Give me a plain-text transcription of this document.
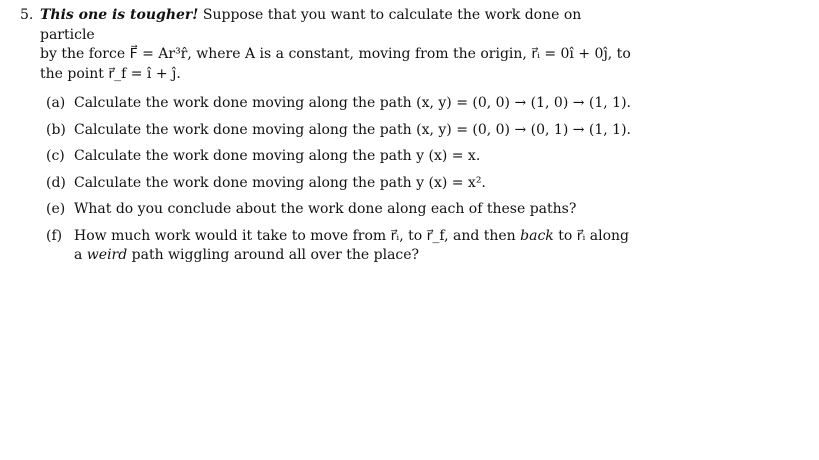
5. This one is tougher! Suppose that you want to calculate the work done on particle
by the force F⃗ = Ar³r̂, where A is a constant, moving from the origin, r⃗ᵢ = 0î + 0ĵ, to
the point r⃗_f = î + ĵ.
(a) Calculate the work done moving along the path (x, y) = (0, 0) → (1, 0) → (1, 1).
(b) Calculate the work done moving along the path (x, y) = (0, 0) → (0, 1) → (1, 1).
(c) Calculate the work done moving along the path y (x) = x.
(d) Calculate the work done moving along the path y (x) = x².
(e) What do you conclude about the work done along each of these paths?
(f) How much work would it take to move from r⃗ᵢ, to r⃗_f, and then back to r⃗ᵢ along a weird path wiggling around all over the place?
